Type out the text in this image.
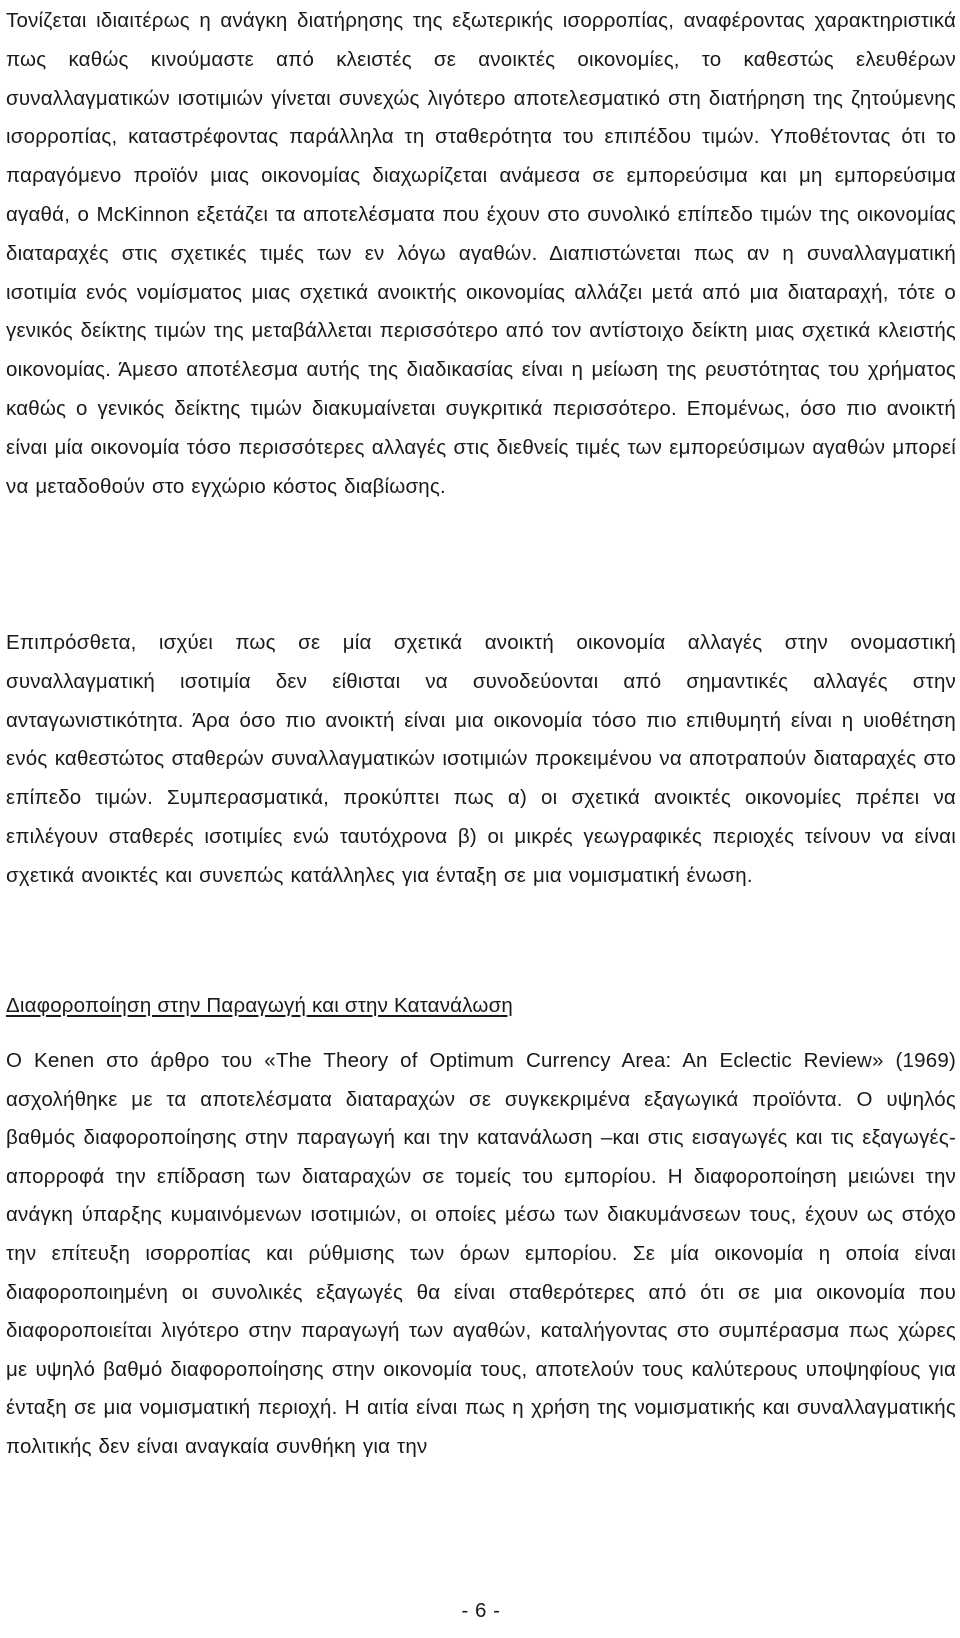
Τονίζεται ιδιαιτέρως η ανάγκη διατήρησης της εξωτερικής ισορροπίας, αναφέροντας χαρακτηριστικά πως καθώς κινούμαστε από κλειστές σε ανοικτές οικονομίες, το καθεστώς ελευθέρων συναλλαγματικών ισοτιμιών γίνεται συνεχώς λιγότερο αποτελεσματικό στη διατήρηση της ζητούμενης ισορροπίας, καταστρέφοντας παράλληλα τη σταθερότητα του επιπέδου τιμών. Υποθέτοντας ότι το παραγόμενο προϊόν μιας οικονομίας διαχωρίζεται ανάμεσα σε εμπορεύσιμα και μη εμπορεύσιμα αγαθά, ο McKinnon εξετάζει τα αποτελέσματα που έχουν στο συνολικό επίπεδο τιμών της οικονομίας διαταραχές στις σχετικές τιμές των εν λόγω αγαθών. Διαπιστώνεται πως αν η συναλλαγματική ισοτιμία ενός νομίσματος μιας σχετικά ανοικτής οικονομίας αλλάζει μετά από μια διαταραχή, τότε ο γενικός δείκτης τιμών της μεταβάλλεται περισσότερο από τον αντίστοιχο δείκτη μιας σχετικά κλειστής οικονομίας. Άμεσο αποτέλεσμα αυτής της διαδικασίας είναι η μείωση της ρευστότητας του χρήματος καθώς ο γενικός δείκτης τιμών διακυμαίνεται συγκριτικά περισσότερο. Επομένως, όσο πιο ανοικτή είναι μία οικονομία τόσο περισσότερες αλλαγές στις διεθνείς τιμές των εμπορεύσιμων αγαθών μπορεί να μεταδοθούν στο εγχώριο κόστος διαβίωσης.

Επιπρόσθετα, ισχύει πως σε μία σχετικά ανοικτή οικονομία αλλαγές στην ονομαστική συναλλαγματική ισοτιμία δεν είθισται να συνοδεύονται από σημαντικές αλλαγές στην ανταγωνιστικότητα. Άρα όσο πιο ανοικτή είναι μια οικονομία τόσο πιο επιθυμητή είναι η υιοθέτηση ενός καθεστώτος σταθερών συναλλαγματικών ισοτιμιών προκειμένου να αποτραπούν διαταραχές στο επίπεδο τιμών. Συμπερασματικά, προκύπτει πως α) οι σχετικά ανοικτές οικονομίες πρέπει να επιλέγουν σταθερές ισοτιμίες ενώ ταυτόχρονα β) οι μικρές γεωγραφικές περιοχές τείνουν να είναι σχετικά ανοικτές και συνεπώς κατάλληλες για ένταξη σε μια νομισματική ένωση.

Διαφοροποίηση στην Παραγωγή και στην Κατανάλωση

O Kenen στο άρθρο του «The Theory of Optimum Currency Area: An Eclectic Review» (1969) ασχολήθηκε με τα αποτελέσματα διαταραχών σε συγκεκριμένα εξαγωγικά προϊόντα. Ο υψηλός βαθμός διαφοροποίησης στην παραγωγή και την κατανάλωση –και στις εισαγωγές και τις εξαγωγές- απορροφά την επίδραση των διαταραχών σε τομείς του εμπορίου. Η διαφοροποίηση μειώνει την ανάγκη ύπαρξης κυμαινόμενων ισοτιμιών, οι οποίες μέσω των διακυμάνσεων τους, έχουν ως στόχο την επίτευξη ισορροπίας και ρύθμισης των όρων εμπορίου. Σε μία οικονομία η οποία είναι διαφοροποιημένη οι συνολικές εξαγωγές θα είναι σταθερότερες από ότι σε μια οικονομία που διαφοροποιείται λιγότερο στην παραγωγή των αγαθών, καταλήγοντας στο συμπέρασμα πως χώρες με υψηλό βαθμό διαφοροποίησης στην οικονομία τους, αποτελούν τους καλύτερους υποψηφίους για ένταξη σε μια νομισματική περιοχή. Η αιτία είναι πως η χρήση της νομισματικής και συναλλαγματικής πολιτικής δεν είναι αναγκαία συνθήκη για την

- 6 -
